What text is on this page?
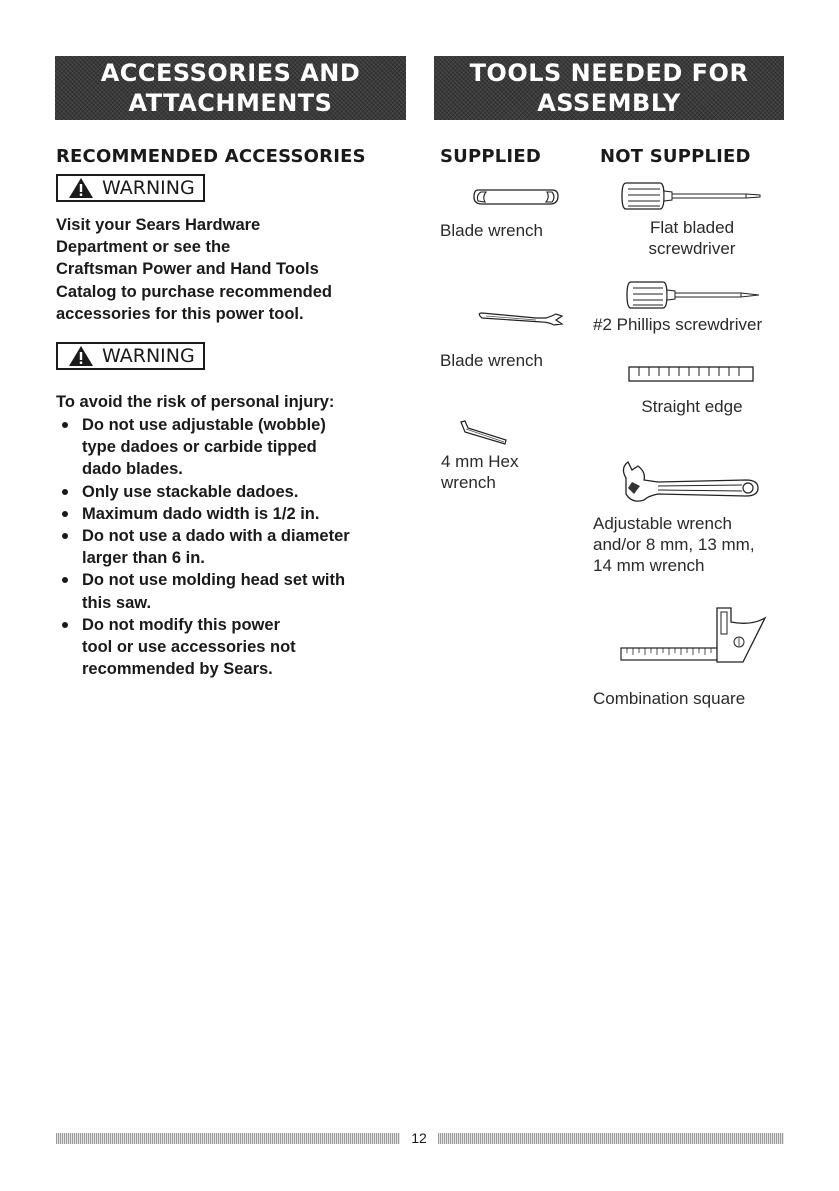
ACCESSORIES AND
ATTACHMENTS
TOOLS NEEDED FOR
ASSEMBLY
RECOMMENDED ACCESSORIES
WARNING
Visit your Sears Hardware
Department or see the
Craftsman Power and Hand Tools
Catalog to purchase recommended
accessories for this power tool.
WARNING
To avoid the risk of personal injury:
Do not use adjustable (wobble)
type dadoes or carbide tipped
dado blades.
Only use stackable dadoes.
Maximum dado width is 1/2 in.
Do not use a dado with a diameter
larger than 6 in.
Do not use molding head set with
this saw.
Do not modify this power
tool or use accessories not
recommended by Sears.
SUPPLIED	NOT SUPPLIED
Blade wrench
Blade wrench
4 mm Hex
wrench
Flat bladed
screwdriver
#2 Phillips screwdriver
Straight edge
Adjustable wrench
and/or 8 mm, 13 mm,
14 mm wrench
Combination square
12
